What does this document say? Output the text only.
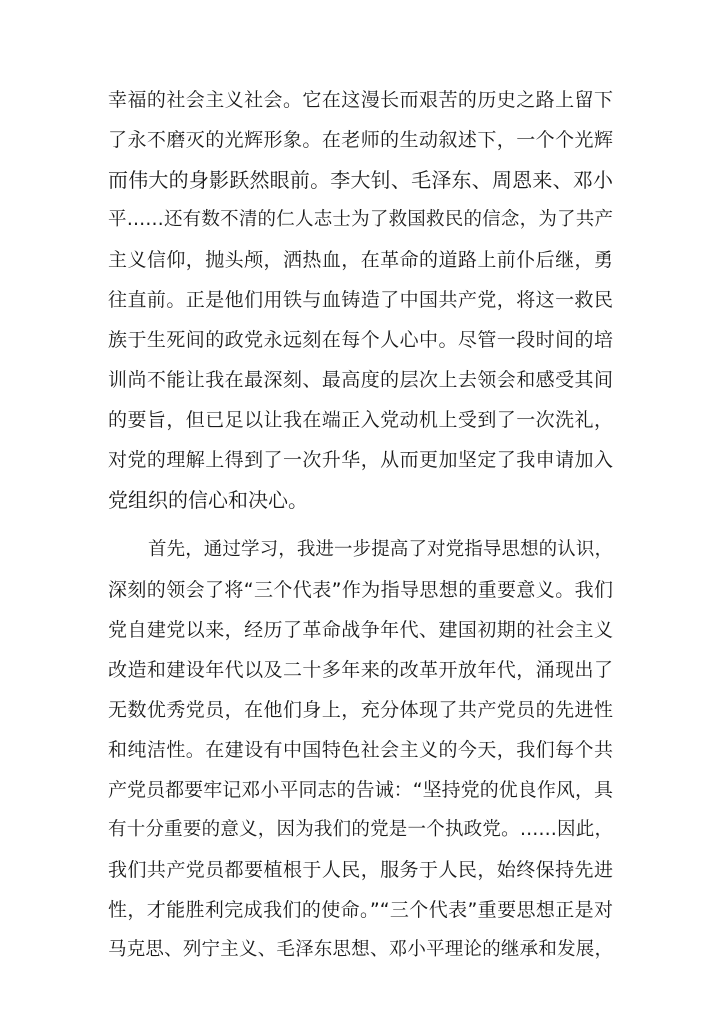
幸福的社会主义社会。它在这漫长而艰苦的历史之路上留下
了永不磨灭的光辉形象。在老师的生动叙述下，一个个光辉
而伟大的身影跃然眼前。李大钊、毛泽东、周恩来、邓小
平……还有数不清的仁人志士为了救国救民的信念，为了共产
主义信仰，抛头颅，洒热血，在革命的道路上前仆后继，勇
往直前。正是他们用铁与血铸造了中国共产党，将这一救民
族于生死间的政党永远刻在每个人心中。尽管一段时间的培
训尚不能让我在最深刻、最高度的层次上去领会和感受其间
的要旨，但已足以让我在端正入党动机上受到了一次洗礼，
对党的理解上得到了一次升华，从而更加坚定了我申请加入
党组织的信心和决心。
首先，通过学习，我进一步提高了对党指导思想的认识，
深刻的领会了将“三个代表”作为指导思想的重要意义。我们
党自建党以来，经历了革命战争年代、建国初期的社会主义
改造和建设年代以及二十多年来的改革开放年代，涌现出了
无数优秀党员，在他们身上，充分体现了共产党员的先进性
和纯洁性。在建设有中国特色社会主义的今天，我们每个共
产党员都要牢记邓小平同志的告诫：“坚持党的优良作风，具
有十分重要的意义，因为我们的党是一个执政党。……因此，
我们共产党员都要植根于人民，服务于人民，始终保持先进
性，才能胜利完成我们的使命。”“三个代表”重要思想正是对
马克思、列宁主义、毛泽东思想、邓小平理论的继承和发展，
